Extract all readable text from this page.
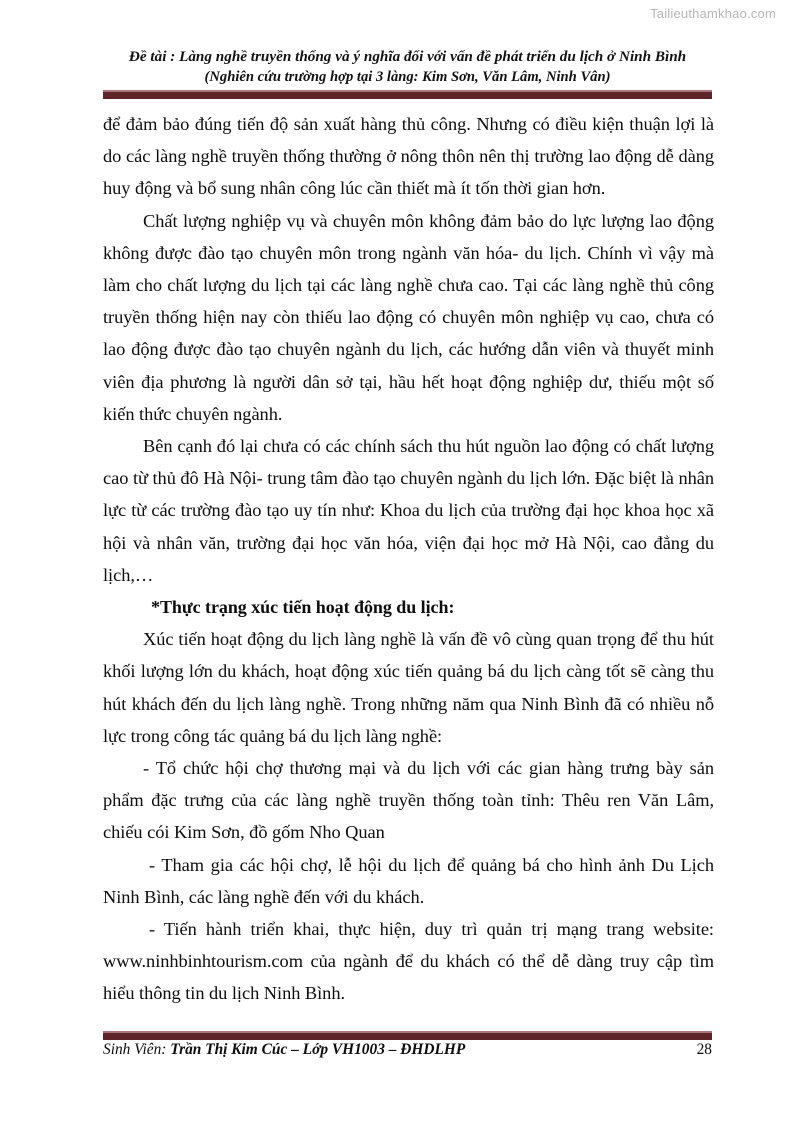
Tailieuthamkhao.com
Đề tài : Làng nghề truyền thống và ý nghĩa đối với vấn đề phát triển du lịch ở Ninh Bình
(Nghiên cứu trường hợp tại 3 làng: Kim Sơn, Văn Lâm, Ninh Vân)

để đảm bảo đúng tiến độ sản xuất hàng thủ công. Nhưng có điều kiện thuận lợi là do các làng nghề truyền thống thường ở nông thôn nên thị trường lao động dễ dàng huy động và bổ sung nhân công lúc cần thiết mà ít tốn thời gian hơn.

Chất lượng nghiệp vụ và chuyên môn không đảm bảo do lực lượng lao động không được đào tạo chuyên môn trong ngành văn hóa- du lịch. Chính vì vậy mà làm cho chất lượng du lịch tại các làng nghề chưa cao. Tại các làng nghề thủ công truyền thống hiện nay còn thiếu lao động có chuyên môn nghiệp vụ cao, chưa có lao động được đào tạo chuyên ngành du lịch, các hướng dẫn viên và thuyết minh viên địa phương là người dân sở tại, hầu hết hoạt động nghiệp dư, thiếu một số kiến thức chuyên ngành.

Bên cạnh đó lại chưa có các chính sách thu hút nguồn lao động có chất lượng cao từ thủ đô Hà Nội- trung tâm đào tạo chuyên ngành du lịch lớn. Đặc biệt là nhân lực từ các trường đào tạo uy tín như: Khoa du lịch của trường đại học khoa học xã hội và nhân văn, trường đại học văn hóa, viện đại học mở Hà Nội, cao đẳng du lịch,…

*Thực trạng xúc tiến hoạt động du lịch:

Xúc tiến hoạt động du lịch làng nghề là vấn đề vô cùng quan trọng để thu hút khối lượng lớn du khách, hoạt động xúc tiến quảng bá du lịch càng tốt sẽ càng thu hút khách đến du lịch làng nghề. Trong những năm qua Ninh Bình đã có nhiều nỗ lực trong công tác quảng bá du lịch làng nghề:

- Tổ chức hội chợ thương mại và du lịch với các gian hàng trưng bày sản phẩm đặc trưng của các làng nghề truyền thống toàn tỉnh: Thêu ren Văn Lâm, chiếu cói Kim Sơn, đồ gốm Nho Quan

- Tham gia các hội chợ, lễ hội du lịch để quảng bá cho hình ảnh Du Lịch Ninh Bình, các làng nghề đến với du khách.

- Tiến hành triển khai, thực hiện, duy trì quản trị mạng trang website: www.ninhbinhtourism.com của ngành để du khách có thể dễ dàng truy cập tìm hiểu thông tin du lịch Ninh Bình.

Sinh Viên: Trần Thị Kim Cúc – Lớp VH1003 – ĐHDLHP	28
